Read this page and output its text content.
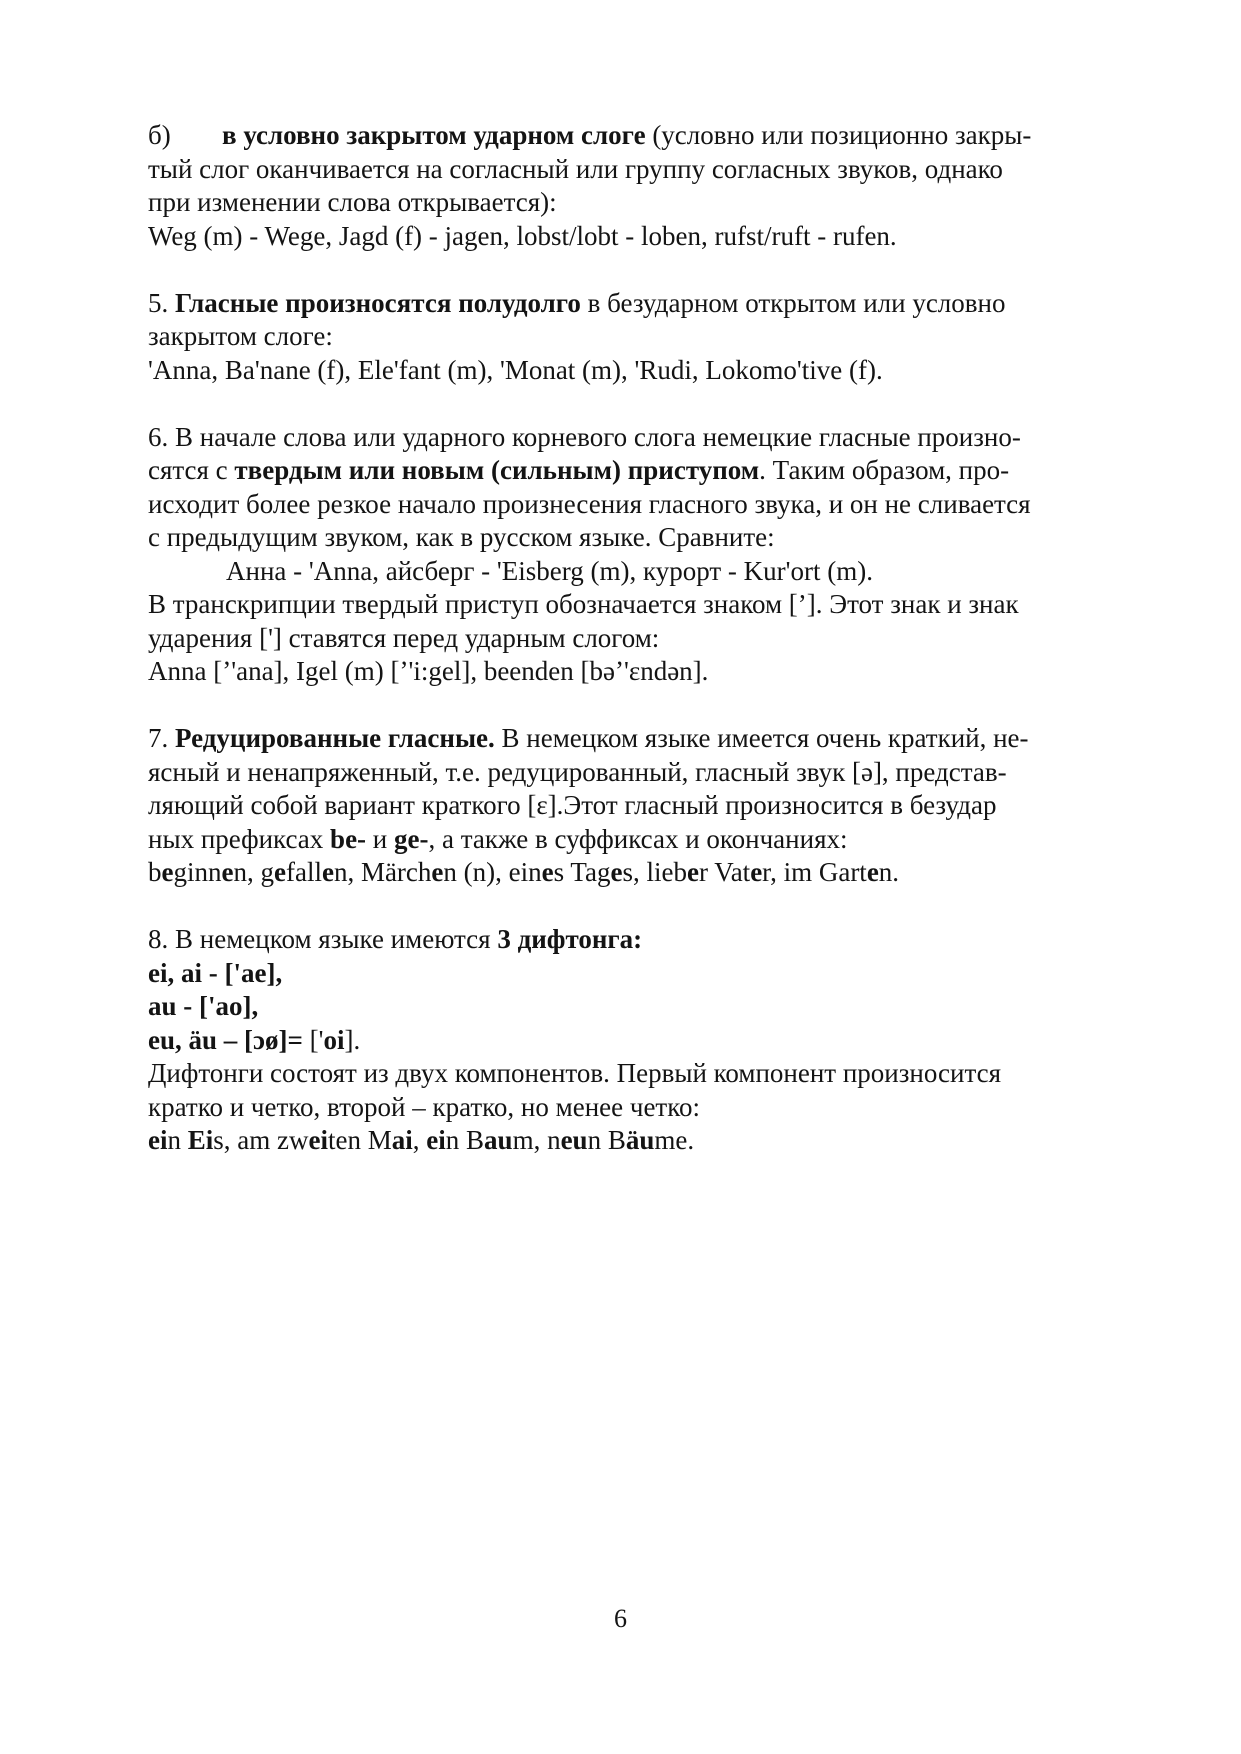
б) в условно закрытом ударном слоге (условно или позиционно закры-
тый слог оканчивается на согласный или группу согласных звуков, однако
при изменении слова открывается):
Weg (m) - Wege, Jagd (f) - jagen, lobst/lobt - loben, rufst/ruft - rufen.
5. Гласные произносятся полудолго в безударном открытом или условно
закрытом слоге:
'Anna, Ba'nane (f), Ele'fant (m), 'Monat (m), 'Rudi, Lokomo'tive (f).
6. В начале слова или ударного корневого слога немецкие гласные произно-
сятся с твердым или новым (сильным) приступом. Таким образом, про-
исходит более резкое начало произнесения гласного звука, и он не сливается
с предыдущим звуком, как в русском языке. Сравните:
Анна - 'Anna, айсберг - 'Eisberg (m), курорт - Kur'ort (m).
В транскрипции твердый приступ обозначается знаком [’]. Этот знак и знак
ударения ['] ставятся перед ударным слогом:
Anna [ʼ'ana], Igel (m) [ʼ'i:gel], beenden [bəʼ'ɛndən].
7. Редуцированные гласные. В немецком языке имеется очень краткий, не-
ясный и ненапряженный, т.е. редуцированный, гласный звук [ə], представ-
ляющий собой вариант краткого [ɛ].Этот гласный произносится в безудар
ных префиксах be- и ge-, а также в суффиксах и окончаниях:
beginnen, gefallen, Märchen (n), eines Tages, lieber Vater, im Garten.
8. В немецком языке имеются 3 дифтонга:
ei, ai - ['ae],
au - ['ao],
eu, äu – [ɔø]= ['oi].
Дифтонги состоят из двух компонентов. Первый компонент произносится
кратко и четко, второй – кратко, но менее четко:
ein Eis, am zweiten Mai, ein Baum, neun Bäume.
6
